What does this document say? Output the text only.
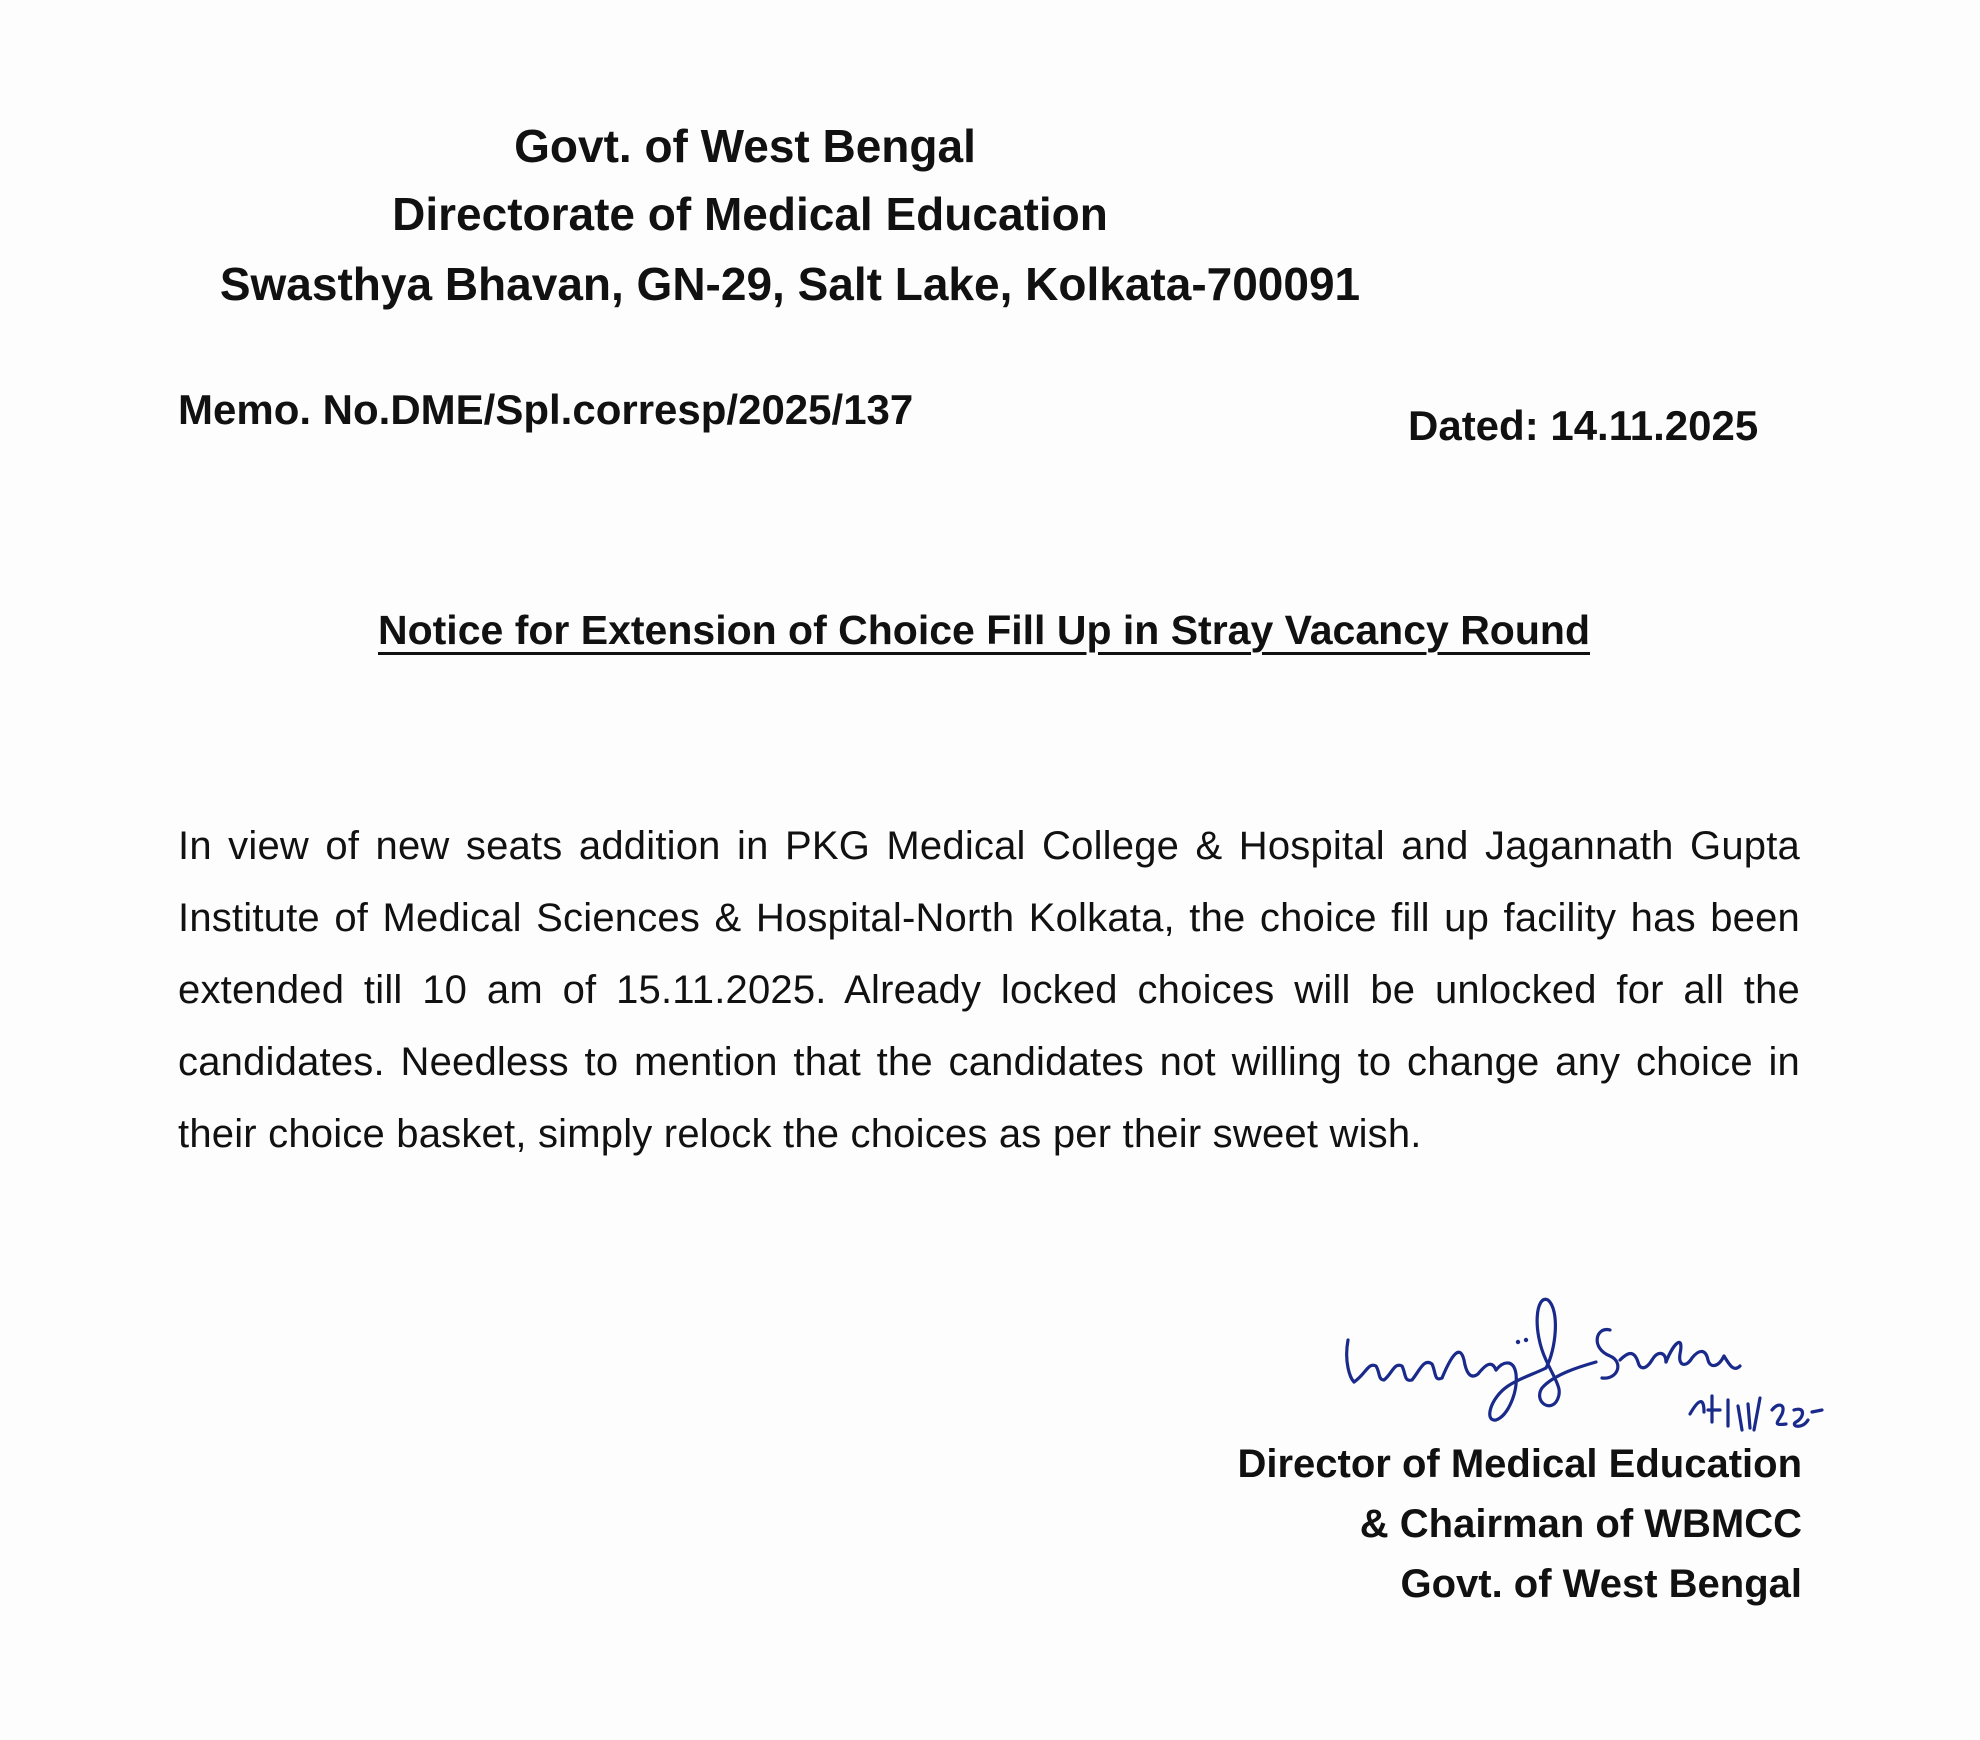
Govt. of West Bengal
Directorate of Medical Education
Swasthya Bhavan, GN-29, Salt Lake, Kolkata-700091
Memo. No.DME/Spl.corresp/2025/137	Dated: 14.11.2025
Notice for Extension of Choice Fill Up in Stray Vacancy Round
In view of new seats addition in PKG Medical College & Hospital and Jagannath Gupta Institute of Medical Sciences & Hospital-North Kolkata, the choice fill up facility has been extended till 10 am of 15.11.2025. Already locked choices will be unlocked for all the candidates. Needless to mention that the candidates not willing to change any choice in their choice basket, simply relock the choices as per their sweet wish.
14/11/25
Director of Medical Education
& Chairman of WBMCC
Govt. of West Bengal
